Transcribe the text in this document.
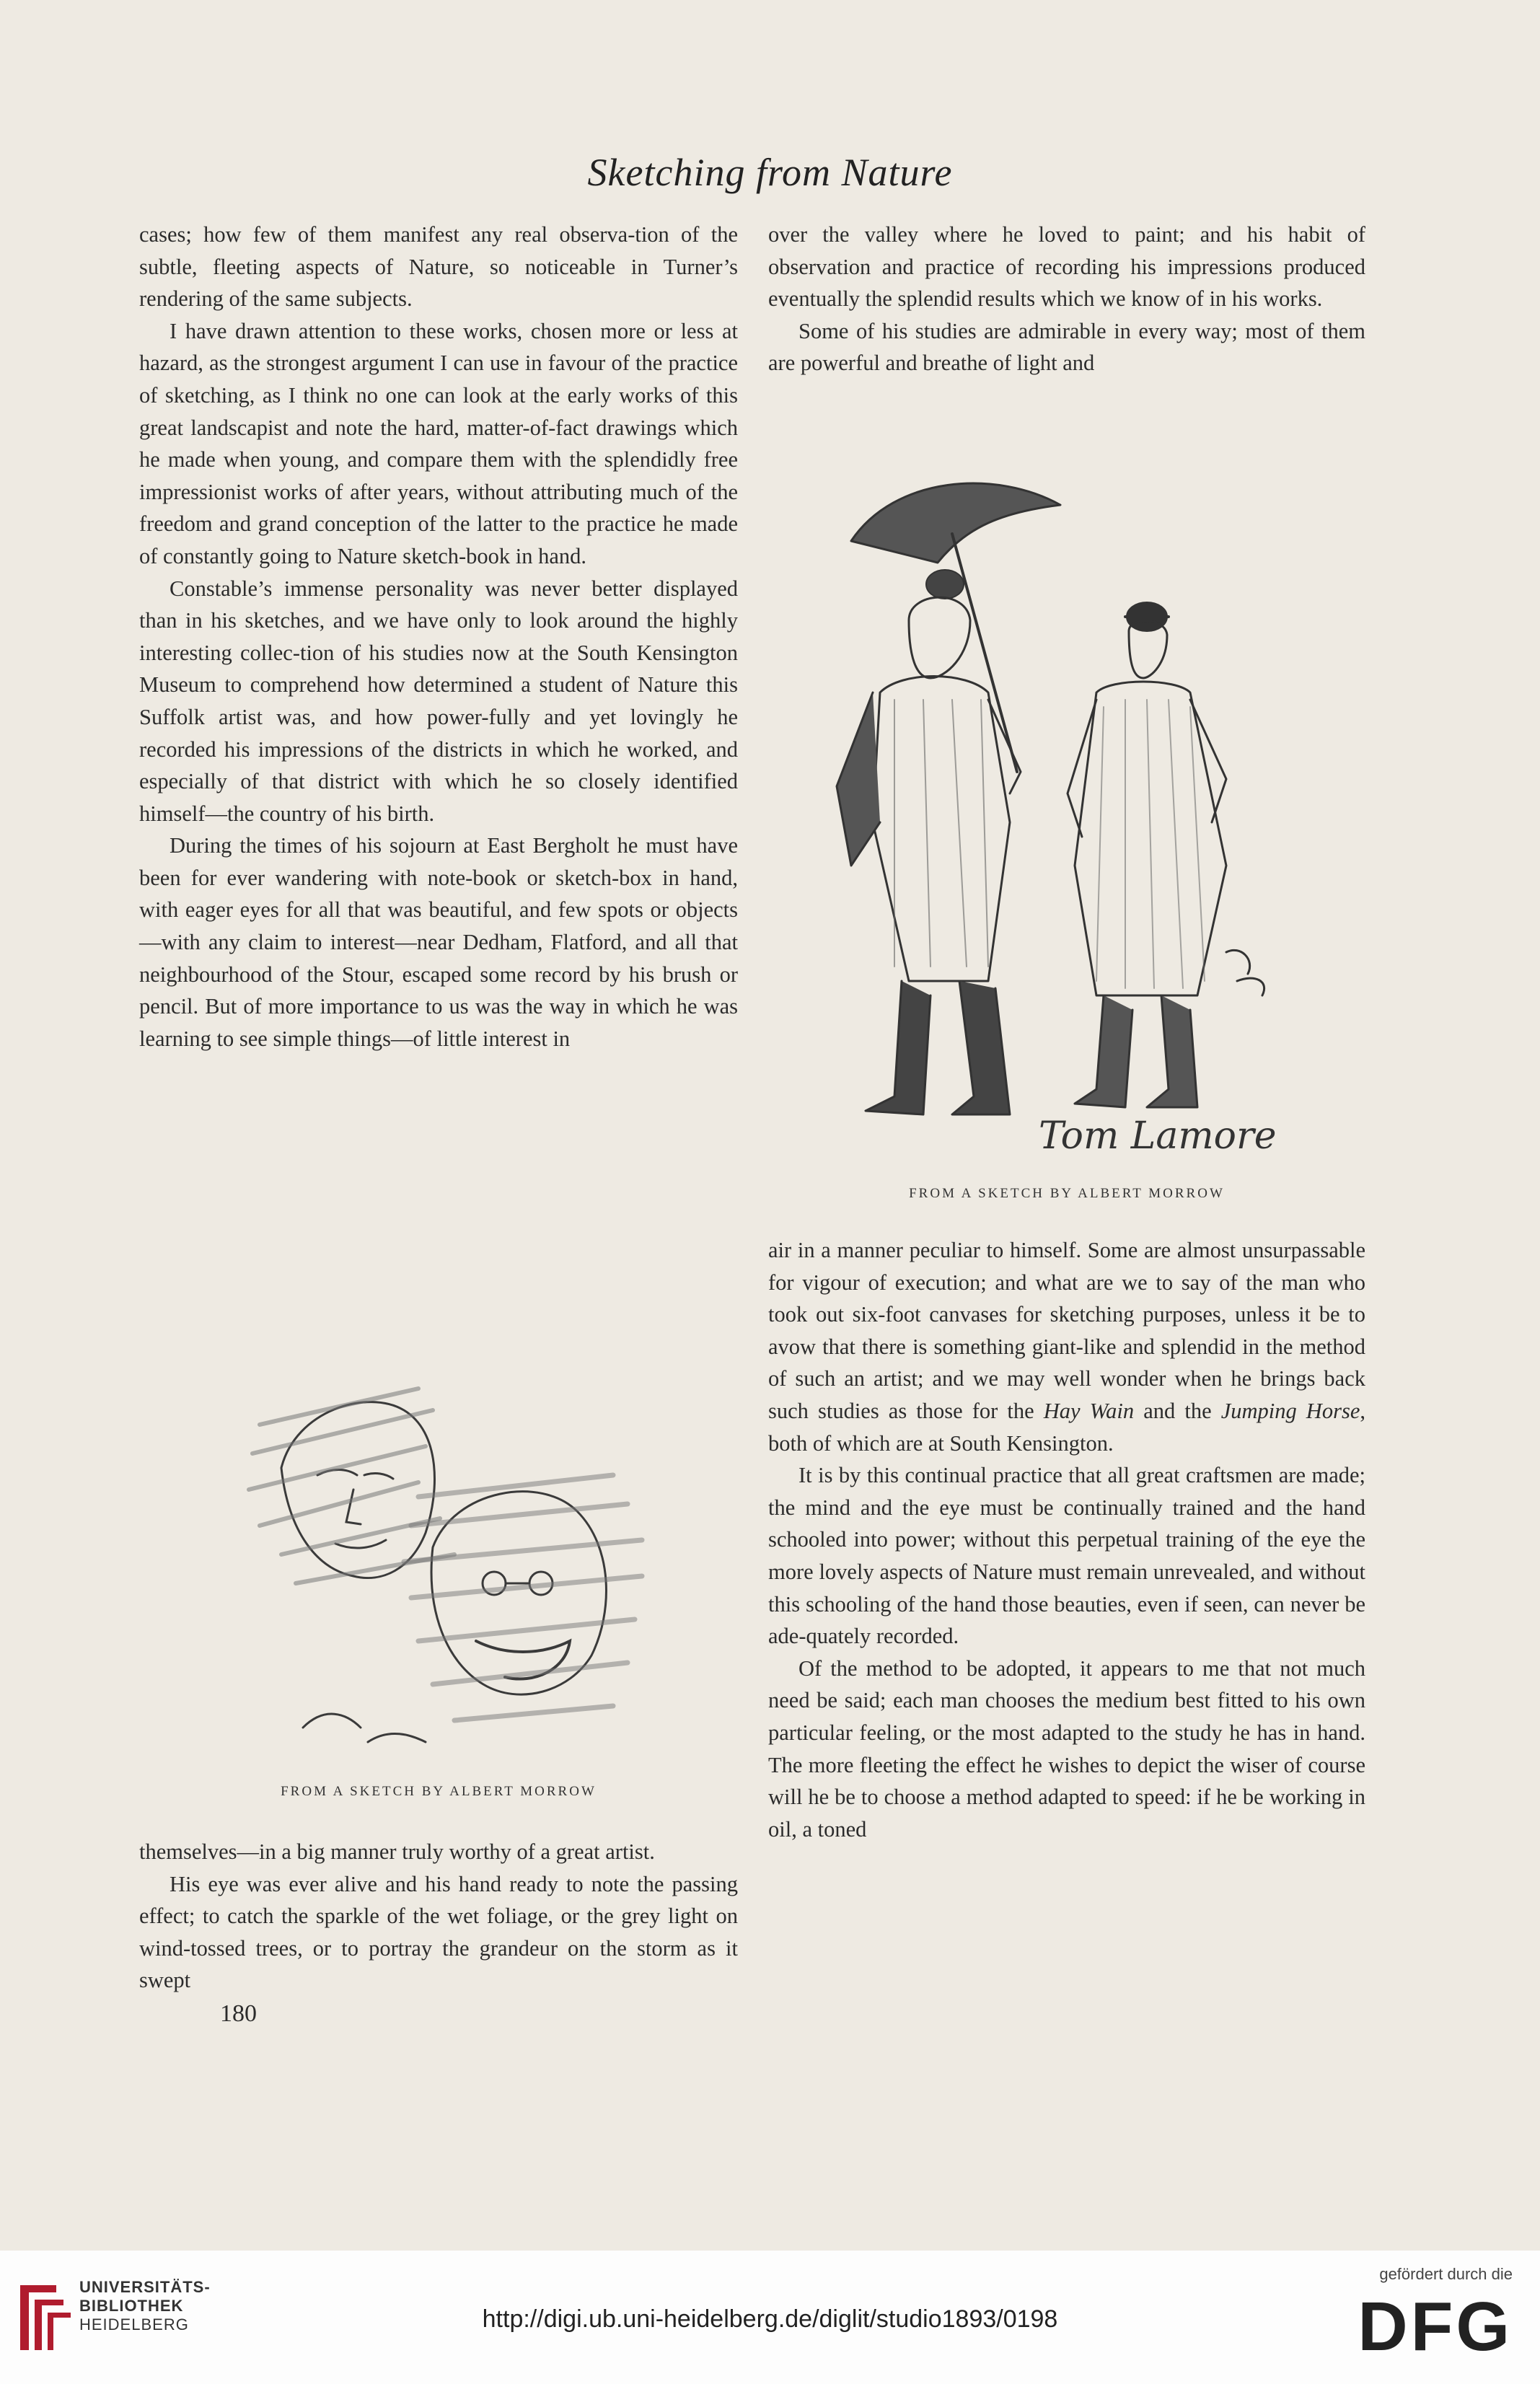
Sketching from Nature

cases; how few of them manifest any real observa-tion of the subtle, fleeting aspects of Nature, so noticeable in Turner’s rendering of the same subjects.

I have drawn attention to these works, chosen more or less at hazard, as the strongest argument I can use in favour of the practice of sketching, as I think no one can look at the early works of this great landscapist and note the hard, matter-of-fact drawings which he made when young, and compare them with the splendidly free impressionist works of after years, without attributing much of the freedom and grand conception of the latter to the practice he made of constantly going to Nature sketch-book in hand.

Constable’s immense personality was never better displayed than in his sketches, and we have only to look around the highly interesting collec-tion of his studies now at the South Kensington Museum to comprehend how determined a student of Nature this Suffolk artist was, and how power-fully and yet lovingly he recorded his impressions of the districts in which he worked, and especially of that district with which he so closely identified himself—the country of his birth.

During the times of his sojourn at East Bergholt he must have been for ever wandering with note-book or sketch-box in hand, with eager eyes for all that was beautiful, and few spots or objects—with any claim to interest—near Dedham, Flatford, and all that neighbourhood of the Stour, escaped some record by his brush or pencil. But of more importance to us was the way in which he was learning to see simple things—of little interest in

FROM A SKETCH BY ALBERT MORROW

themselves—in a big manner truly worthy of a great artist.

His eye was ever alive and his hand ready to note the passing effect; to catch the sparkle of the wet foliage, or the grey light on wind-tossed trees, or to portray the grandeur on the storm as it swept

180

over the valley where he loved to paint; and his habit of observation and practice of recording his impressions produced eventually the splendid results which we know of in his works.

Some of his studies are admirable in every way; most of them are powerful and breathe of light and

Tom Lamore
FROM A SKETCH BY ALBERT MORROW

air in a manner peculiar to himself. Some are almost unsurpassable for vigour of execution; and what are we to say of the man who took out six-foot canvases for sketching purposes, unless it be to avow that there is something giant-like and splendid in the method of such an artist; and we may well wonder when he brings back such studies as those for the Hay Wain and the Jumping Horse, both of which are at South Kensington.

It is by this continual practice that all great craftsmen are made; the mind and the eye must be continually trained and the hand schooled into power; without this perpetual training of the eye the more lovely aspects of Nature must remain unrevealed, and without this schooling of the hand those beauties, even if seen, can never be ade-quately recorded.

Of the method to be adopted, it appears to me that not much need be said; each man chooses the medium best fitted to his own particular feeling, or the most adapted to the study he has in hand. The more fleeting the effect he wishes to depict the wiser of course will he be to choose a method adapted to speed: if he be working in oil, a toned

UNIVERSITÄTS-
BIBLIOTHEK
HEIDELBERG	http://digi.ub.uni-heidelberg.de/diglit/studio1893/0198
gefördert durch die
DFG
